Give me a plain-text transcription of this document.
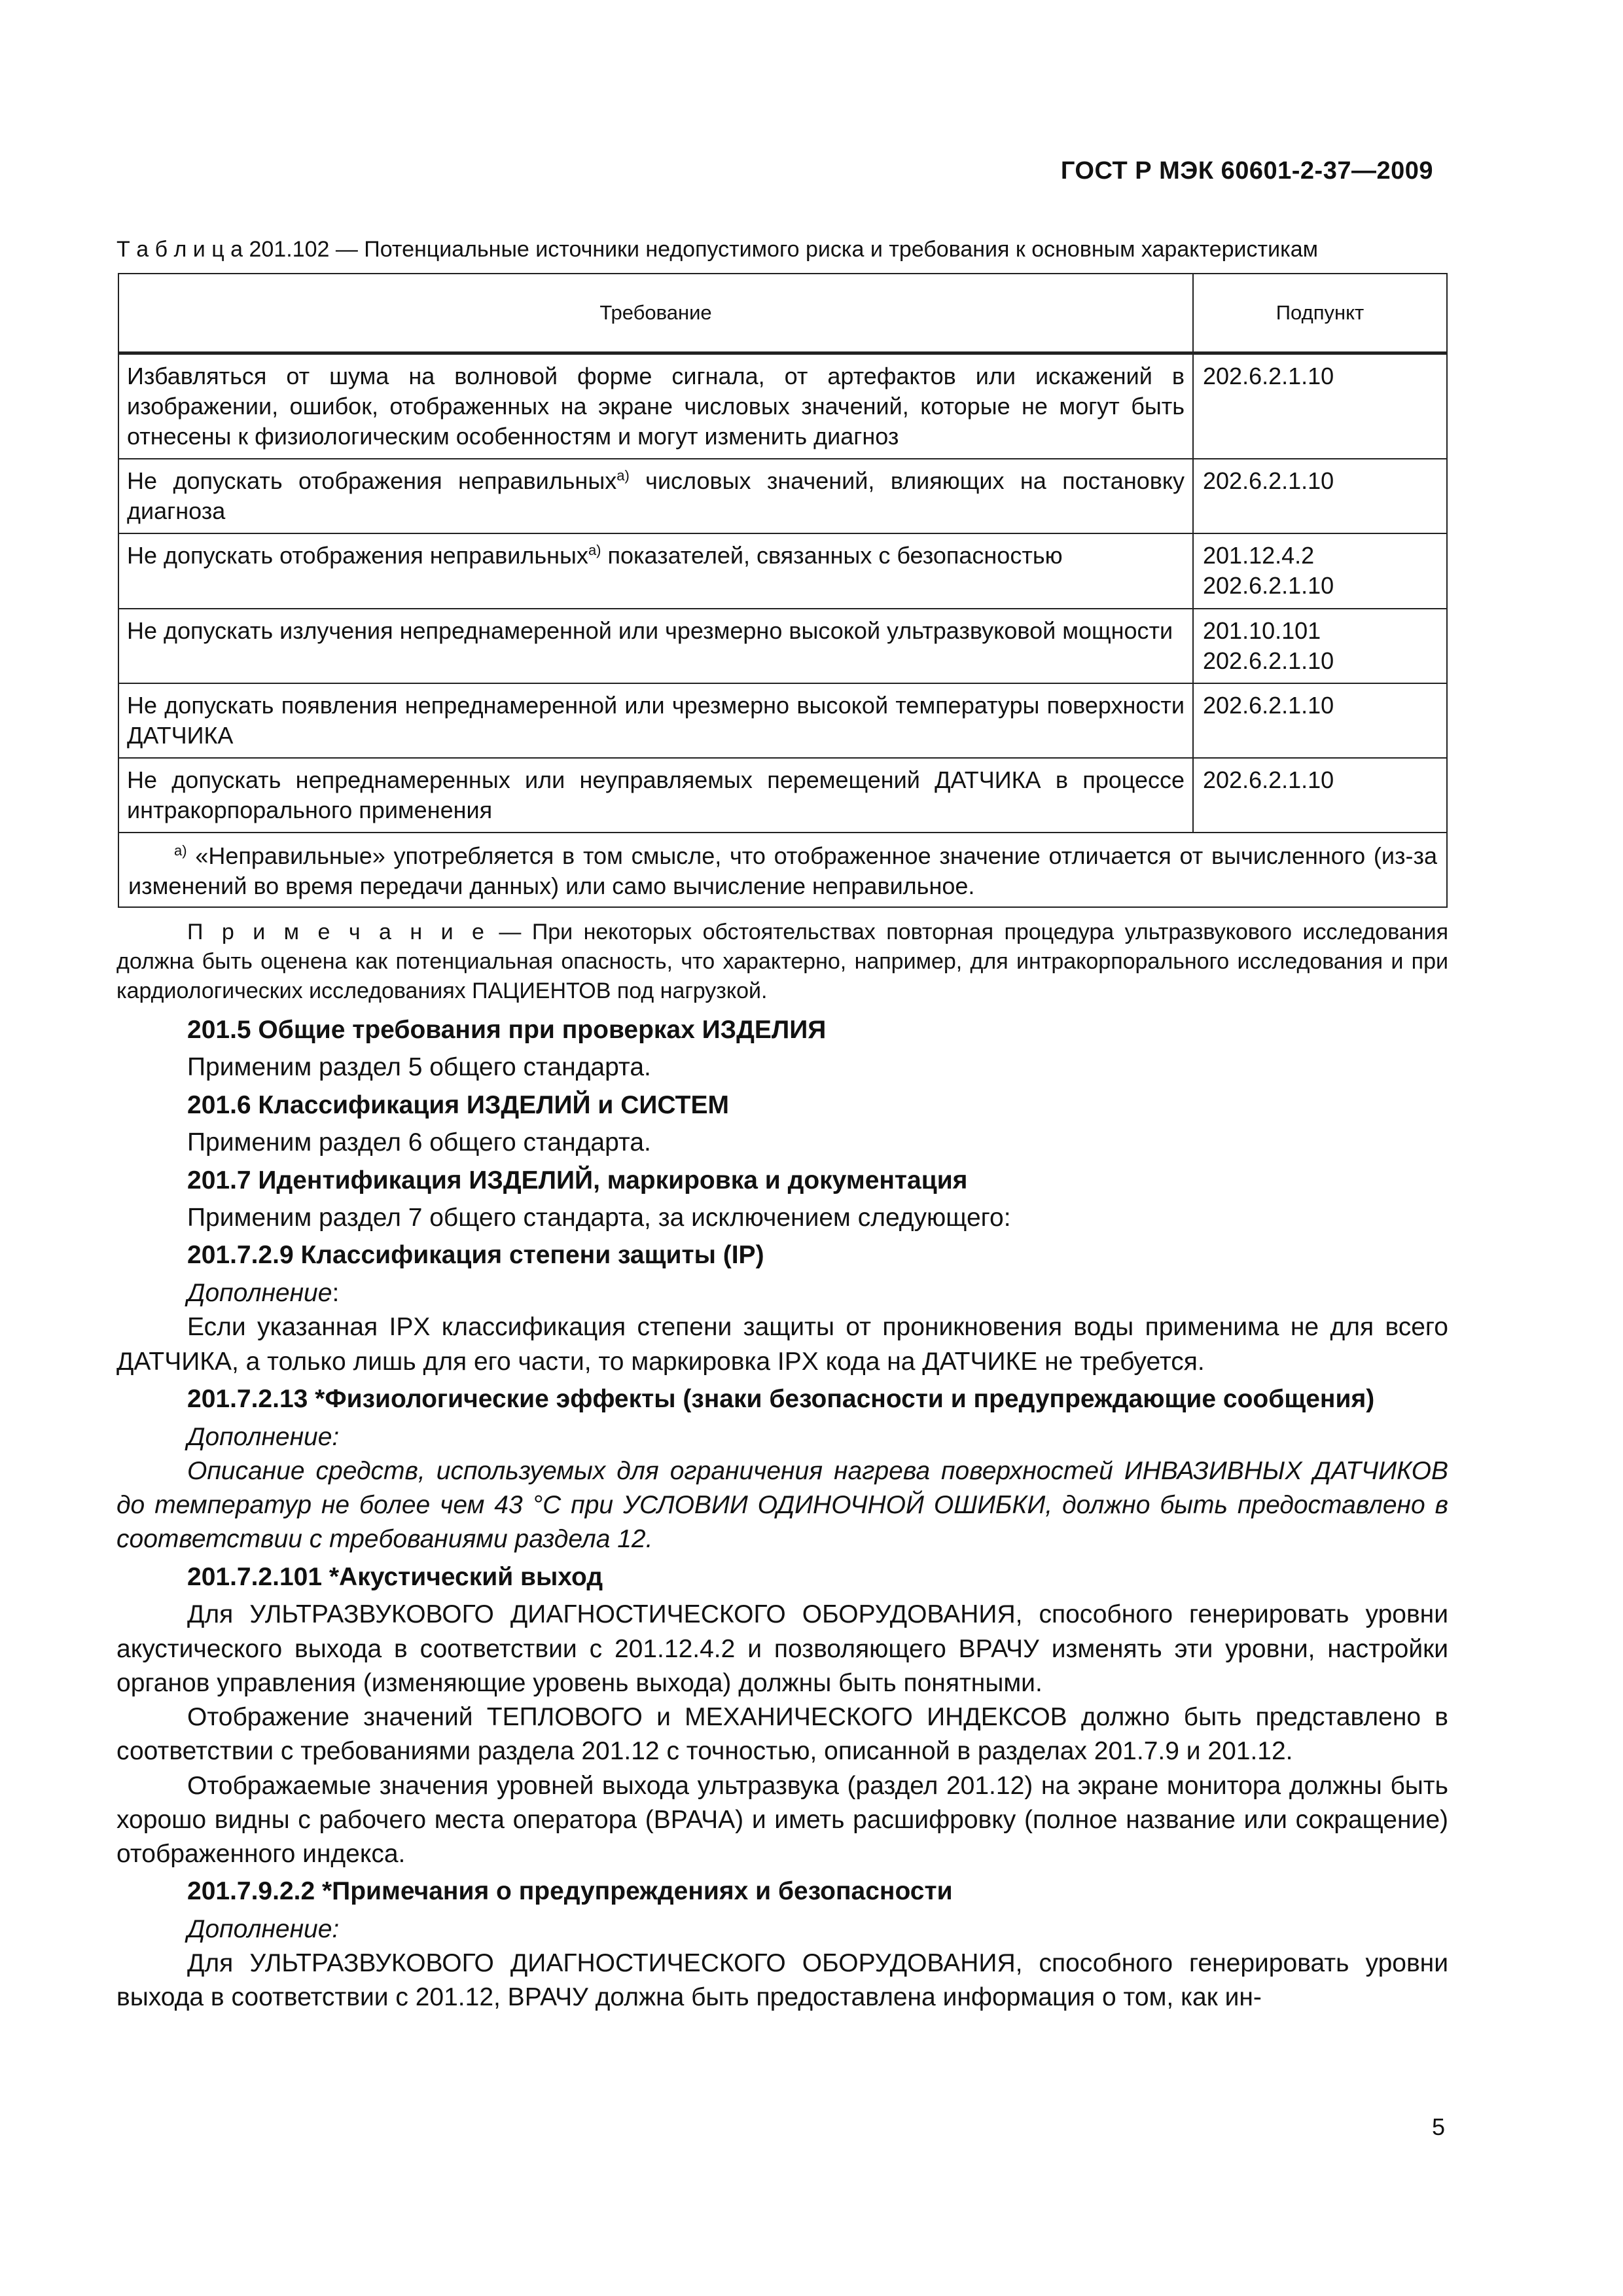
ГОСТ Р МЭК 60601-2-37—2009
Т а б л и ц а 201.102 — Потенциальные источники недопустимого риска и требования к основным характеристикам
Требование	Подпункт
Избавляться от шума на волновой форме сигнала, от артефактов или искажений в изображении, ошибок, отображенных на экране числовых значений, которые не могут быть отнесены к физиологическим особенностям и могут изменить диагноз	202.6.2.1.10

Не допускать отображения неправильных$^{a)}$ числовых значений, влияющих на постановку диагноза	202.6.2.1.10

Не допускать отображения неправильных$^{a)}$ показателей, связанных с безопасностью	201.12.4.2
202.6.2.1.10

Не допускать излучения непреднамеренной или чрезмерно высокой ультразвуковой мощности	201.10.101
202.6.2.1.10

Не допускать появления непреднамеренной или чрезмерно высокой температуры поверхности ДАТЧИКА	202.6.2.1.10

Не допускать непреднамеренных или неуправляемых перемещений ДАТЧИКА в процессе интракорпорального применения	202.6.2.1.10

$^{a)}$ «Неправильные» употребляется в том смысле, что отображенное значение отличается от вычисленного (из-за изменений во время передачи данных) или само вычисление неправильное.	

П р и м е ч а н и е — При некоторых обстоятельствах повторная процедура ультразвукового исследования должна быть оценена как потенциальная опасность, что характерно, например, для интракорпорального исследования и при кардиологических исследованиях ПАЦИЕНТОВ под нагрузкой.

201.5 Общие требования при проверках ИЗДЕЛИЯ

Применим раздел 5 общего стандарта.

201.6 Классификация ИЗДЕЛИЙ и СИСТЕМ

Применим раздел 6 общего стандарта.

201.7 Идентификация ИЗДЕЛИЙ, маркировка и документация

Применим раздел 7 общего стандарта, за исключением следующего:

201.7.2.9 Классификация степени защиты (IP)

Дополнение:

Если указанная IPX классификация степени защиты от проникновения воды применима не для всего ДАТЧИКА, а только лишь для его части, то маркировка IPX кода на ДАТЧИКЕ не требуется.

201.7.2.13 *Физиологические эффекты (знаки безопасности и предупреждающие сообщения)

Дополнение:

Описание средств, используемых для ограничения нагрева поверхностей ИНВАЗИВНЫХ ДАТЧИКОВ до температур не более чем 43 °С при УСЛОВИИ ОДИНОЧНОЙ ОШИБКИ, должно быть предоставлено в соответствии с требованиями раздела 12.

201.7.2.101 *Акустический выход

Для УЛЬТРАЗВУКОВОГО ДИАГНОСТИЧЕСКОГО ОБОРУДОВАНИЯ, способного генерировать уровни акустического выхода в соответствии с 201.12.4.2 и позволяющего ВРАЧУ изменять эти уровни, настройки органов управления (изменяющие уровень выхода) должны быть понятными.

Отображение значений ТЕПЛОВОГО и МЕХАНИЧЕСКОГО ИНДЕКСОВ должно быть представлено в соответствии с требованиями раздела 201.12 с точностью, описанной в разделах 201.7.9 и 201.12.

Отображаемые значения уровней выхода ультразвука (раздел 201.12) на экране монитора должны быть хорошо видны с рабочего места оператора (ВРАЧА) и иметь расшифровку (полное название или сокращение) отображенного индекса.

201.7.9.2.2 *Примечания о предупреждениях и безопасности

Дополнение:

Для УЛЬТРАЗВУКОВОГО ДИАГНОСТИЧЕСКОГО ОБОРУДОВАНИЯ, способного генерировать уровни выхода в соответствии с 201.12, ВРАЧУ должна быть предоставлена информация о том, как ин-

5
